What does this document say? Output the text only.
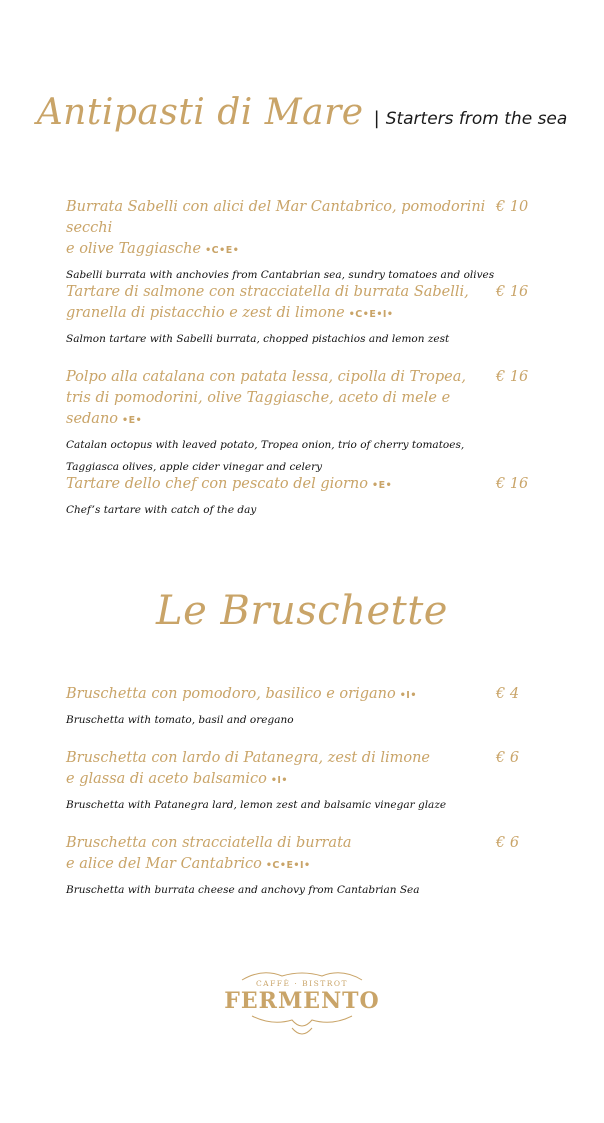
Antipasti di Mare | Starters from the sea
Burrata Sabelli con alici del Mar Cantabrico, pomodorini secchi
e olive Taggiasche •C•E•
€ 10
Sabelli burrata with anchovies from Cantabrian sea, sundry tomatoes and olives
Tartare di salmone con stracciatella di burrata Sabelli,
granella di pistacchio e zest di limone •C•E•I•
€ 16
Salmon tartare with Sabelli burrata, chopped pistachios and lemon zest
Polpo alla catalana con patata lessa, cipolla di Tropea,
tris di pomodorini, olive Taggiasche, aceto di mele e sedano •E•
€ 16
Catalan octopus with leaved potato, Tropea onion, trio of cherry tomatoes,
Taggiasca olives, apple cider vinegar and celery
Tartare dello chef con pescato del giorno •E•	€ 16
Chef’s tartare with catch of the day
Le Bruschette
Bruschetta con pomodoro, basilico e origano •I•	€ 4
Bruschetta with tomato, basil and oregano
Bruschetta con lardo di Patanegra, zest di limone
e glassa di aceto balsamico •I•
€ 6
Bruschetta with Patanegra lard, lemon zest and balsamic vinegar glaze
Bruschetta con stracciatella di burrata
e alice del Mar Cantabrico •C•E•I•
€ 6
Bruschetta with burrata cheese and anchovy from Cantabrian Sea
CAFFÈ · BISTROT
FERMENTO
